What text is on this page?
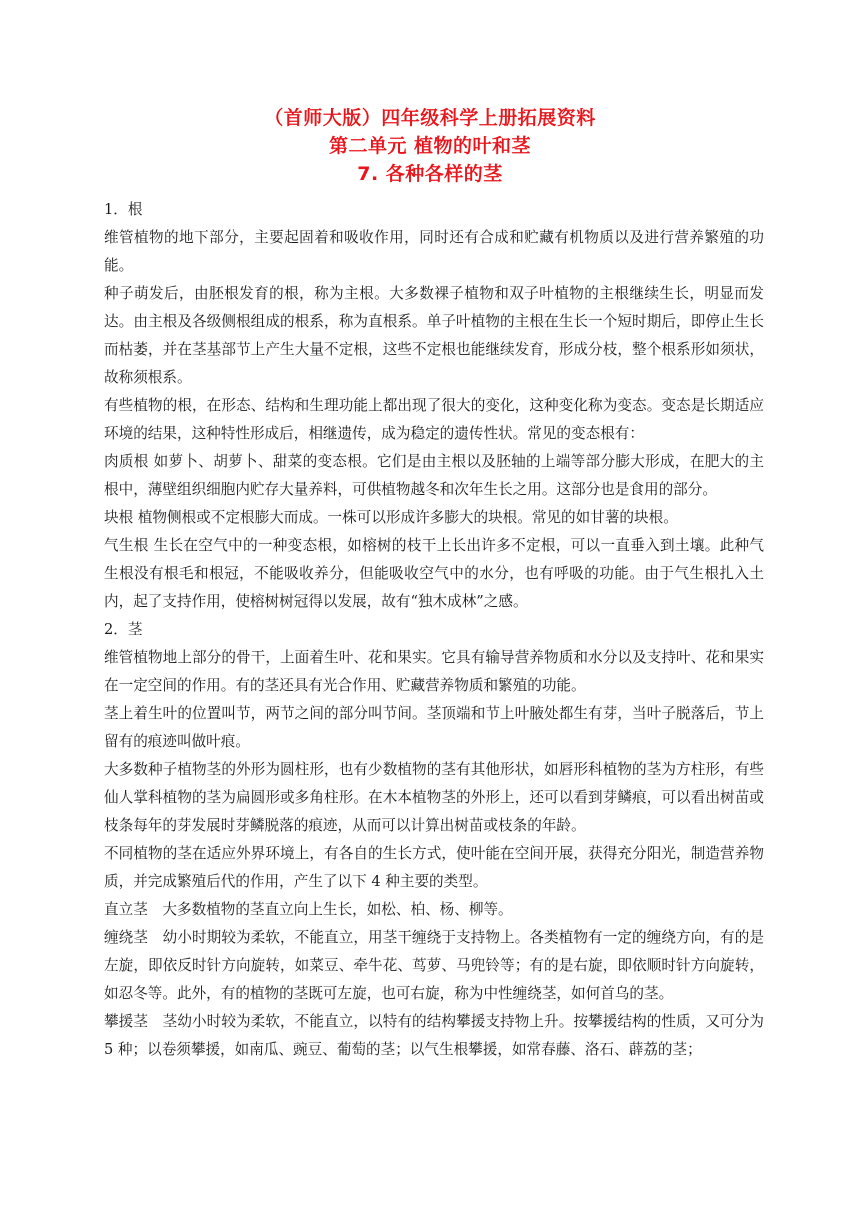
（首师大版）四年级科学上册拓展资料
第二单元 植物的叶和茎
7. 各种各样的茎

1．根

维管植物的地下部分，主要起固着和吸收作用，同时还有合成和贮藏有机物质以及进行营养繁殖的功能。

种子萌发后，由胚根发育的根，称为主根。大多数裸子植物和双子叶植物的主根继续生长，明显而发达。由主根及各级侧根组成的根系，称为直根系。单子叶植物的主根在生长一个短时期后，即停止生长而枯萎，并在茎基部节上产生大量不定根，这些不定根也能继续发育，形成分枝，整个根系形如须状，故称须根系。

有些植物的根，在形态、结构和生理功能上都出现了很大的变化，这种变化称为变态。变态是长期适应环境的结果，这种特性形成后，相继遗传，成为稳定的遗传性状。常见的变态根有：

肉质根 如萝卜、胡萝卜、甜菜的变态根。它们是由主根以及胚轴的上端等部分膨大形成，在肥大的主根中，薄壁组织细胞内贮存大量养料，可供植物越冬和次年生长之用。这部分也是食用的部分。

块根 植物侧根或不定根膨大而成。一株可以形成许多膨大的块根。常见的如甘薯的块根。

气生根 生长在空气中的一种变态根，如榕树的枝干上长出许多不定根，可以一直垂入到土壤。此种气生根没有根毛和根冠，不能吸收养分，但能吸收空气中的水分，也有呼吸的功能。由于气生根扎入土内，起了支持作用，使榕树树冠得以发展，故有“独木成林”之感。

2．茎

维管植物地上部分的骨干，上面着生叶、花和果实。它具有输导营养物质和水分以及支持叶、花和果实在一定空间的作用。有的茎还具有光合作用、贮藏营养物质和繁殖的功能。

茎上着生叶的位置叫节，两节之间的部分叫节间。茎顶端和节上叶腋处都生有芽，当叶子脱落后，节上留有的痕迹叫做叶痕。

大多数种子植物茎的外形为圆柱形，也有少数植物的茎有其他形状，如唇形科植物的茎为方柱形，有些仙人掌科植物的茎为扁圆形或多角柱形。在木本植物茎的外形上，还可以看到芽鳞痕，可以看出树苗或枝条每年的芽发展时芽鳞脱落的痕迹，从而可以计算出树苗或枝条的年龄。

不同植物的茎在适应外界环境上，有各自的生长方式，使叶能在空间开展，获得充分阳光，制造营养物质，并完成繁殖后代的作用，产生了以下 4 种主要的类型。

直立茎　大多数植物的茎直立向上生长，如松、柏、杨、柳等。

缠绕茎　幼小时期较为柔软，不能直立，用茎干缠绕于支持物上。各类植物有一定的缠绕方向，有的是左旋，即依反时针方向旋转，如菜豆、牵牛花、茑萝、马兜铃等；有的是右旋，即依顺时针方向旋转，如忍冬等。此外，有的植物的茎既可左旋，也可右旋，称为中性缠绕茎，如何首乌的茎。

攀援茎　茎幼小时较为柔软，不能直立，以特有的结构攀援支持物上升。按攀援结构的性质，又可分为 5 种；以卷须攀援，如南瓜、豌豆、葡萄的茎；以气生根攀援，如常春藤、洛石、薜荔的茎；
